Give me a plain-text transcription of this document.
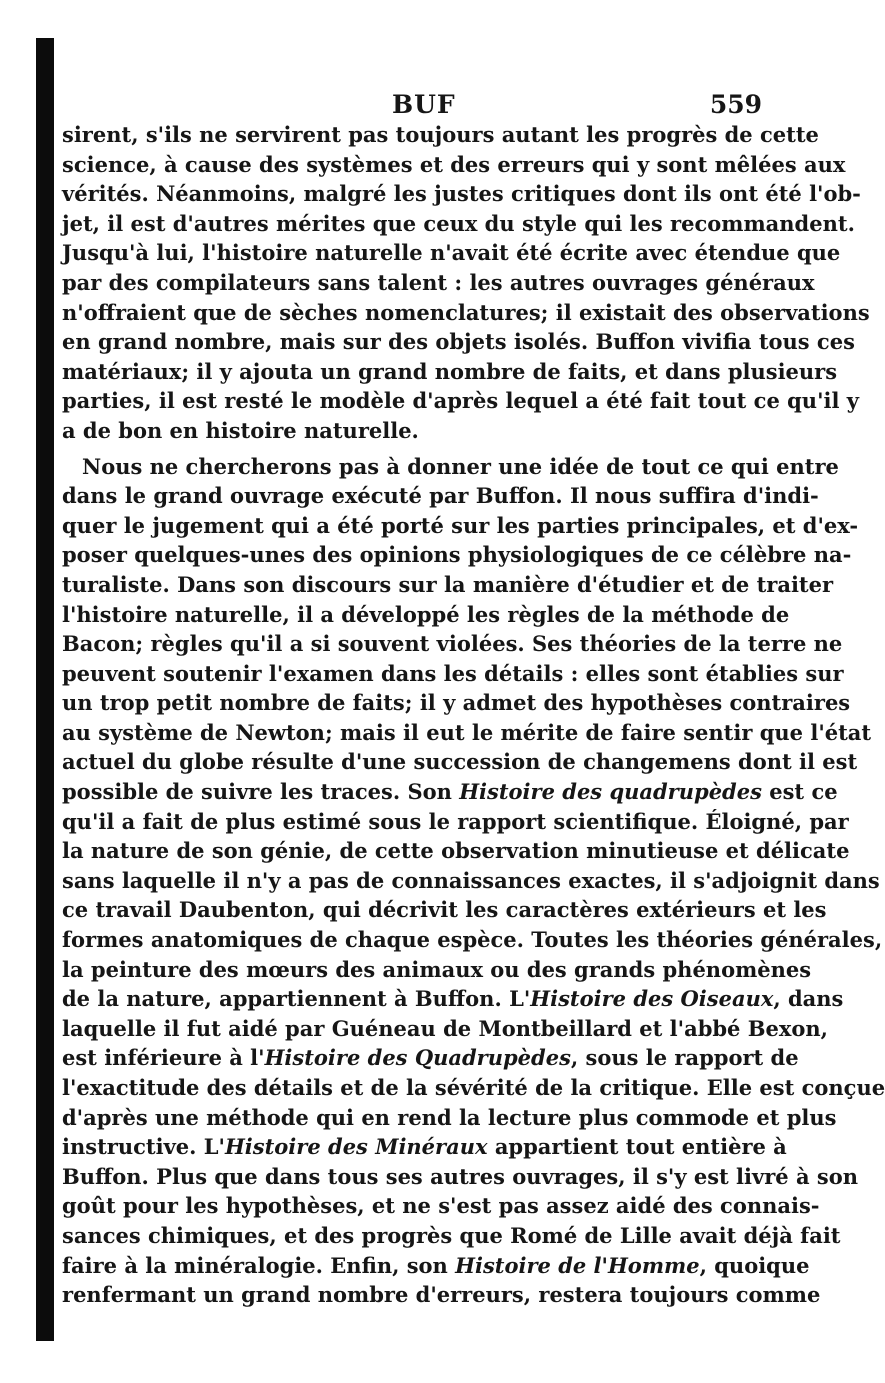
BUF	559
sirent, s'ils ne servirent pas toujours autant les progrès de cette
science, à cause des systèmes et des erreurs qui y sont mêlées aux
vérités. Néanmoins, malgré les justes critiques dont ils ont été l'ob-
jet, il est d'autres mérites que ceux du style qui les recommandent.
Jusqu'à lui, l'histoire naturelle n'avait été écrite avec étendue que
par des compilateurs sans talent : les autres ouvrages généraux
n'offraient que de sèches nomenclatures; il existait des observations
en grand nombre, mais sur des objets isolés. Buffon vivifia tous ces
matériaux; il y ajouta un grand nombre de faits, et dans plusieurs
parties, il est resté le modèle d'après lequel a été fait tout ce qu'il y
a de bon en histoire naturelle.
Nous ne chercherons pas à donner une idée de tout ce qui entre
dans le grand ouvrage exécuté par Buffon. Il nous suffira d'indi-
quer le jugement qui a été porté sur les parties principales, et d'ex-
poser quelques-unes des opinions physiologiques de ce célèbre na-
turaliste. Dans son discours sur la manière d'étudier et de traiter
l'histoire naturelle, il a développé les règles de la méthode de
Bacon; règles qu'il a si souvent violées. Ses théories de la terre ne
peuvent soutenir l'examen dans les détails : elles sont établies sur
un trop petit nombre de faits; il y admet des hypothèses contraires
au système de Newton; mais il eut le mérite de faire sentir que l'état
actuel du globe résulte d'une succession de changemens dont il est
possible de suivre les traces. Son Histoire des quadrupèdes est ce
qu'il a fait de plus estimé sous le rapport scientifique. Éloigné, par
la nature de son génie, de cette observation minutieuse et délicate
sans laquelle il n'y a pas de connaissances exactes, il s'adjoignit dans
ce travail Daubenton, qui décrivit les caractères extérieurs et les
formes anatomiques de chaque espèce. Toutes les théories générales,
la peinture des mœurs des animaux ou des grands phénomènes
de la nature, appartiennent à Buffon. L'Histoire des Oiseaux, dans
laquelle il fut aidé par Guéneau de Montbeillard et l'abbé Bexon,
est inférieure à l'Histoire des Quadrupèdes, sous le rapport de
l'exactitude des détails et de la sévérité de la critique. Elle est conçue
d'après une méthode qui en rend la lecture plus commode et plus
instructive. L'Histoire des Minéraux appartient tout entière à
Buffon. Plus que dans tous ses autres ouvrages, il s'y est livré à son
goût pour les hypothèses, et ne s'est pas assez aidé des connais-
sances chimiques, et des progrès que Romé de Lille avait déjà fait
faire à la minéralogie. Enfin, son Histoire de l'Homme, quoique
renfermant un grand nombre d'erreurs, restera toujours comme
